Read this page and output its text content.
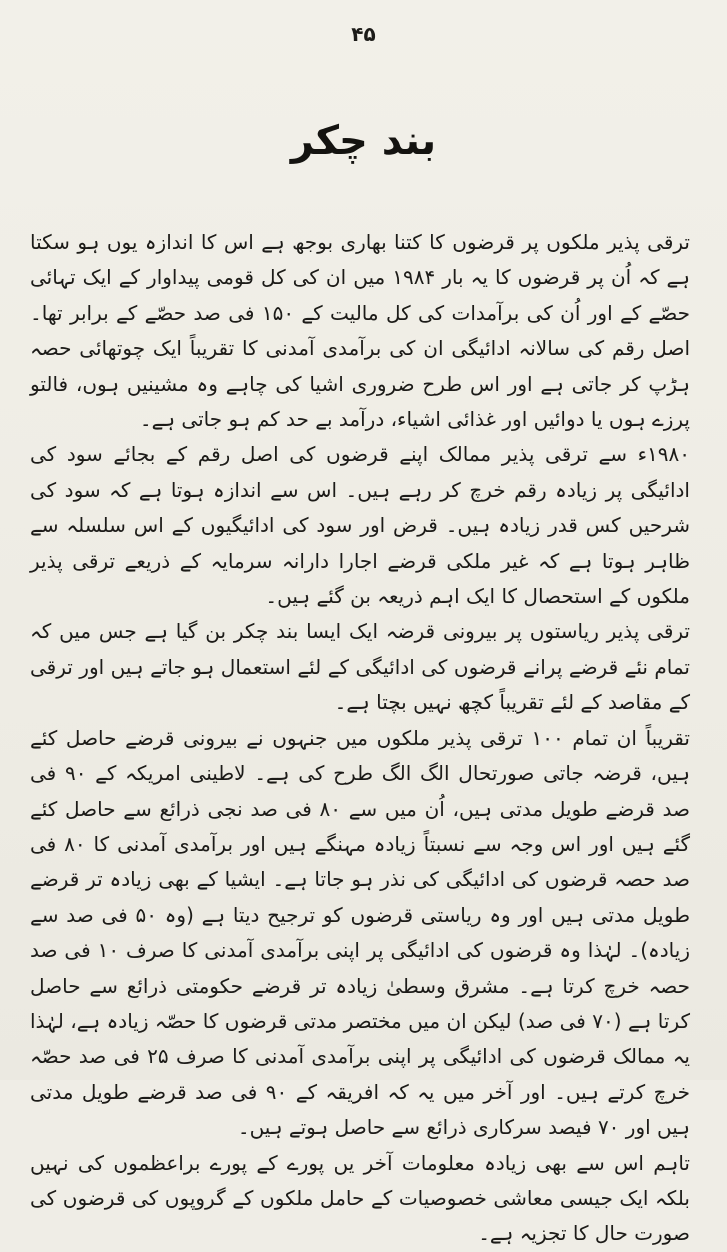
۴۵
بند چکر

ترقی پذیر ملکوں پر قرضوں کا کتنا بھاری بوجھ ہے اس کا اندازہ یوں ہو سکتا ہے کہ اُن پر قرضوں کا یہ بار ۱۹۸۴ میں ان کی کل قومی پیداوار کے ایک تہائی حصّے کے اور اُن کی برآمدات کی کل مالیت کے ۱۵۰ فی صد حصّے کے برابر تھا۔ اصل رقم کی سالانہ ادائیگی ان کی برآمدی آمدنی کا تقریباً ایک چوتھائی حصہ ہڑپ کر جاتی ہے اور اس طرح ضروری اشیا کی چاہے وہ مشینیں ہوں، فالتو پرزے ہوں یا دوائیں اور غذائی اشیاء، درآمد بے حد کم ہو جاتی ہے۔

۱۹۸۰ء سے ترقی پذیر ممالک اپنے قرضوں کی اصل رقم کے بجائے سود کی ادائیگی پر زیادہ رقم خرچ کر رہے ہیں۔ اس سے اندازہ ہوتا ہے کہ سود کی شرحیں کس قدر زیادہ ہیں۔ قرض اور سود کی ادائیگیوں کے اس سلسلہ سے ظاہر ہوتا ہے کہ غیر ملکی قرضے اجارا دارانہ سرمایہ کے ذریعے ترقی پذیر ملکوں کے استحصال کا ایک اہم ذریعہ بن گئے ہیں۔

ترقی پذیر ریاستوں پر بیرونی قرضہ ایک ایسا بند چکر بن گیا ہے جس میں کہ تمام نئے قرضے پرانے قرضوں کی ادائیگی کے لئے استعمال ہو جاتے ہیں اور ترقی کے مقاصد کے لئے تقریباً کچھ نہیں بچتا ہے۔

تقریباً ان تمام ۱۰۰ ترقی پذیر ملکوں میں جنہوں نے بیرونی قرضے حاصل کئے ہیں، قرضہ جاتی صورتحال الگ الگ طرح کی ہے۔ لاطینی امریکہ کے ۹۰ فی صد قرضے طویل مدتی ہیں، اُن میں سے ۸۰ فی صد نجی ذرائع سے حاصل کئے گئے ہیں اور اس وجہ سے نسبتاً زیادہ مہنگے ہیں اور برآمدی آمدنی کا ۸۰ فی صد حصہ قرضوں کی ادائیگی کی نذر ہو جاتا ہے۔ ایشیا کے بھی زیادہ تر قرضے طویل مدتی ہیں اور وہ ریاستی قرضوں کو ترجیح دیتا ہے (وہ ۵۰ فی صد سے زیادہ)۔ لہٰذا وہ قرضوں کی ادائیگی پر اپنی برآمدی آمدنی کا صرف ۱۰ فی صد حصہ خرچ کرتا ہے۔ مشرق وسطیٰ زیادہ تر قرضے حکومتی ذرائع سے حاصل کرتا ہے (۷۰ فی صد) لیکن ان میں مختصر مدتی قرضوں کا حصّہ زیادہ ہے، لہٰذا یہ ممالک قرضوں کی ادائیگی پر اپنی برآمدی آمدنی کا صرف ۲۵ فی صد حصّہ خرچ کرتے ہیں۔ اور آخر میں یہ کہ افریقہ کے ۹۰ فی صد قرضے طویل مدتی ہیں اور ۷۰ فیصد سرکاری ذرائع سے حاصل ہوتے ہیں۔

تاہم اس سے بھی زیادہ معلومات آخر یں پورے کے پورے براعظموں کی نہیں بلکہ ایک جیسی معاشی خصوصیات کے حامل ملکوں کے گروپوں کی قرضوں کی صورت حال کا تجزیہ ہے۔
